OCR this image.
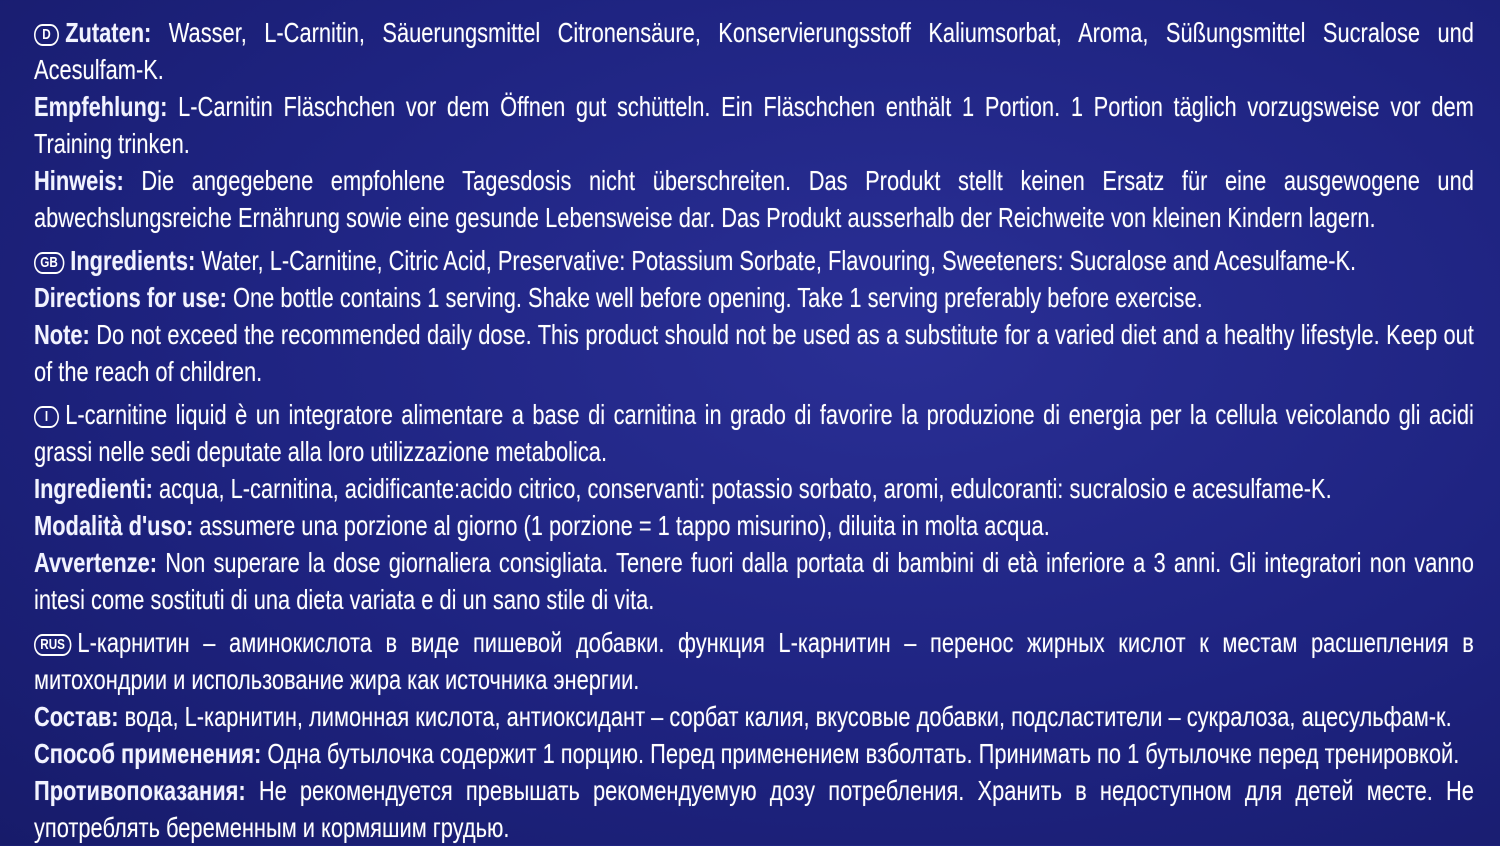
D Zutaten: Wasser, L-Carnitin, Säuerungsmittel Citronensäure, Konservierungsstoff Kaliumsorbat, Aroma, Süßungsmittel Sucralose und Acesulfam-K.
Empfehlung: L-Carnitin Fläschchen vor dem Öffnen gut schütteln. Ein Fläschchen enthält 1 Portion. 1 Portion täglich vorzugsweise vor dem Training trinken.
Hinweis: Die angegebene empfohlene Tagesdosis nicht überschreiten. Das Produkt stellt keinen Ersatz für eine ausgewogene und abwechslungsreiche Ernährung sowie eine gesunde Lebensweise dar. Das Produkt ausserhalb der Reichweite von kleinen Kindern lagern.
GB Ingredients: Water, L-Carnitine, Citric Acid, Preservative: Potassium Sorbate, Flavouring, Sweeteners: Sucralose and Acesulfame-K.
Directions for use: One bottle contains 1 serving. Shake well before opening. Take 1 serving preferably before exercise.
Note: Do not exceed the recommended daily dose. This product should not be used as a substitute for a varied diet and a healthy lifestyle. Keep out of the reach of children.
I L-carnitine liquid è un integratore alimentare a base di carnitina in grado di favorire la produzione di energia per la cellula veicolando gli acidi grassi nelle sedi deputate alla loro utilizzazione metabolica.
Ingredienti: acqua, L-carnitina, acidificante:acido citrico, conservanti: potassio sorbato, aromi, edulcoranti: sucralosio e acesulfame-K.
Modalità d'uso: assumere una porzione al giorno (1 porzione = 1 tappo misurino), diluita in molta acqua.
Avvertenze: Non superare la dose giornaliera consigliata. Tenere fuori dalla portata di bambini di età inferiore a 3 anni. Gli integratori non vanno intesi come sostituti di una dieta variata e di un sano stile di vita.
RUS L-карнитин – аминокислота в виде пишевой добавки. функция L-карнитин – перенос жирных кислот к местам расшепления в митохондрии и использование жира как источника энергии.
Состав: вода, L-карнитин, лимонная кислота, антиоксидант – сорбат калия, вкусовые добавки, подсластители – сукралоза, ацесульфам-к.
Способ применения: Одна бутылочка содержит 1 порцию. Перед применением взболтать. Принимать по 1 бутылочке перед тренировкой.
Противопоказания: Не рекомендуется превышать рекомендуемую дозу потребления. Хранить в недоступном для детей месте. Не употреблять беременным и кормяшим грудью.
